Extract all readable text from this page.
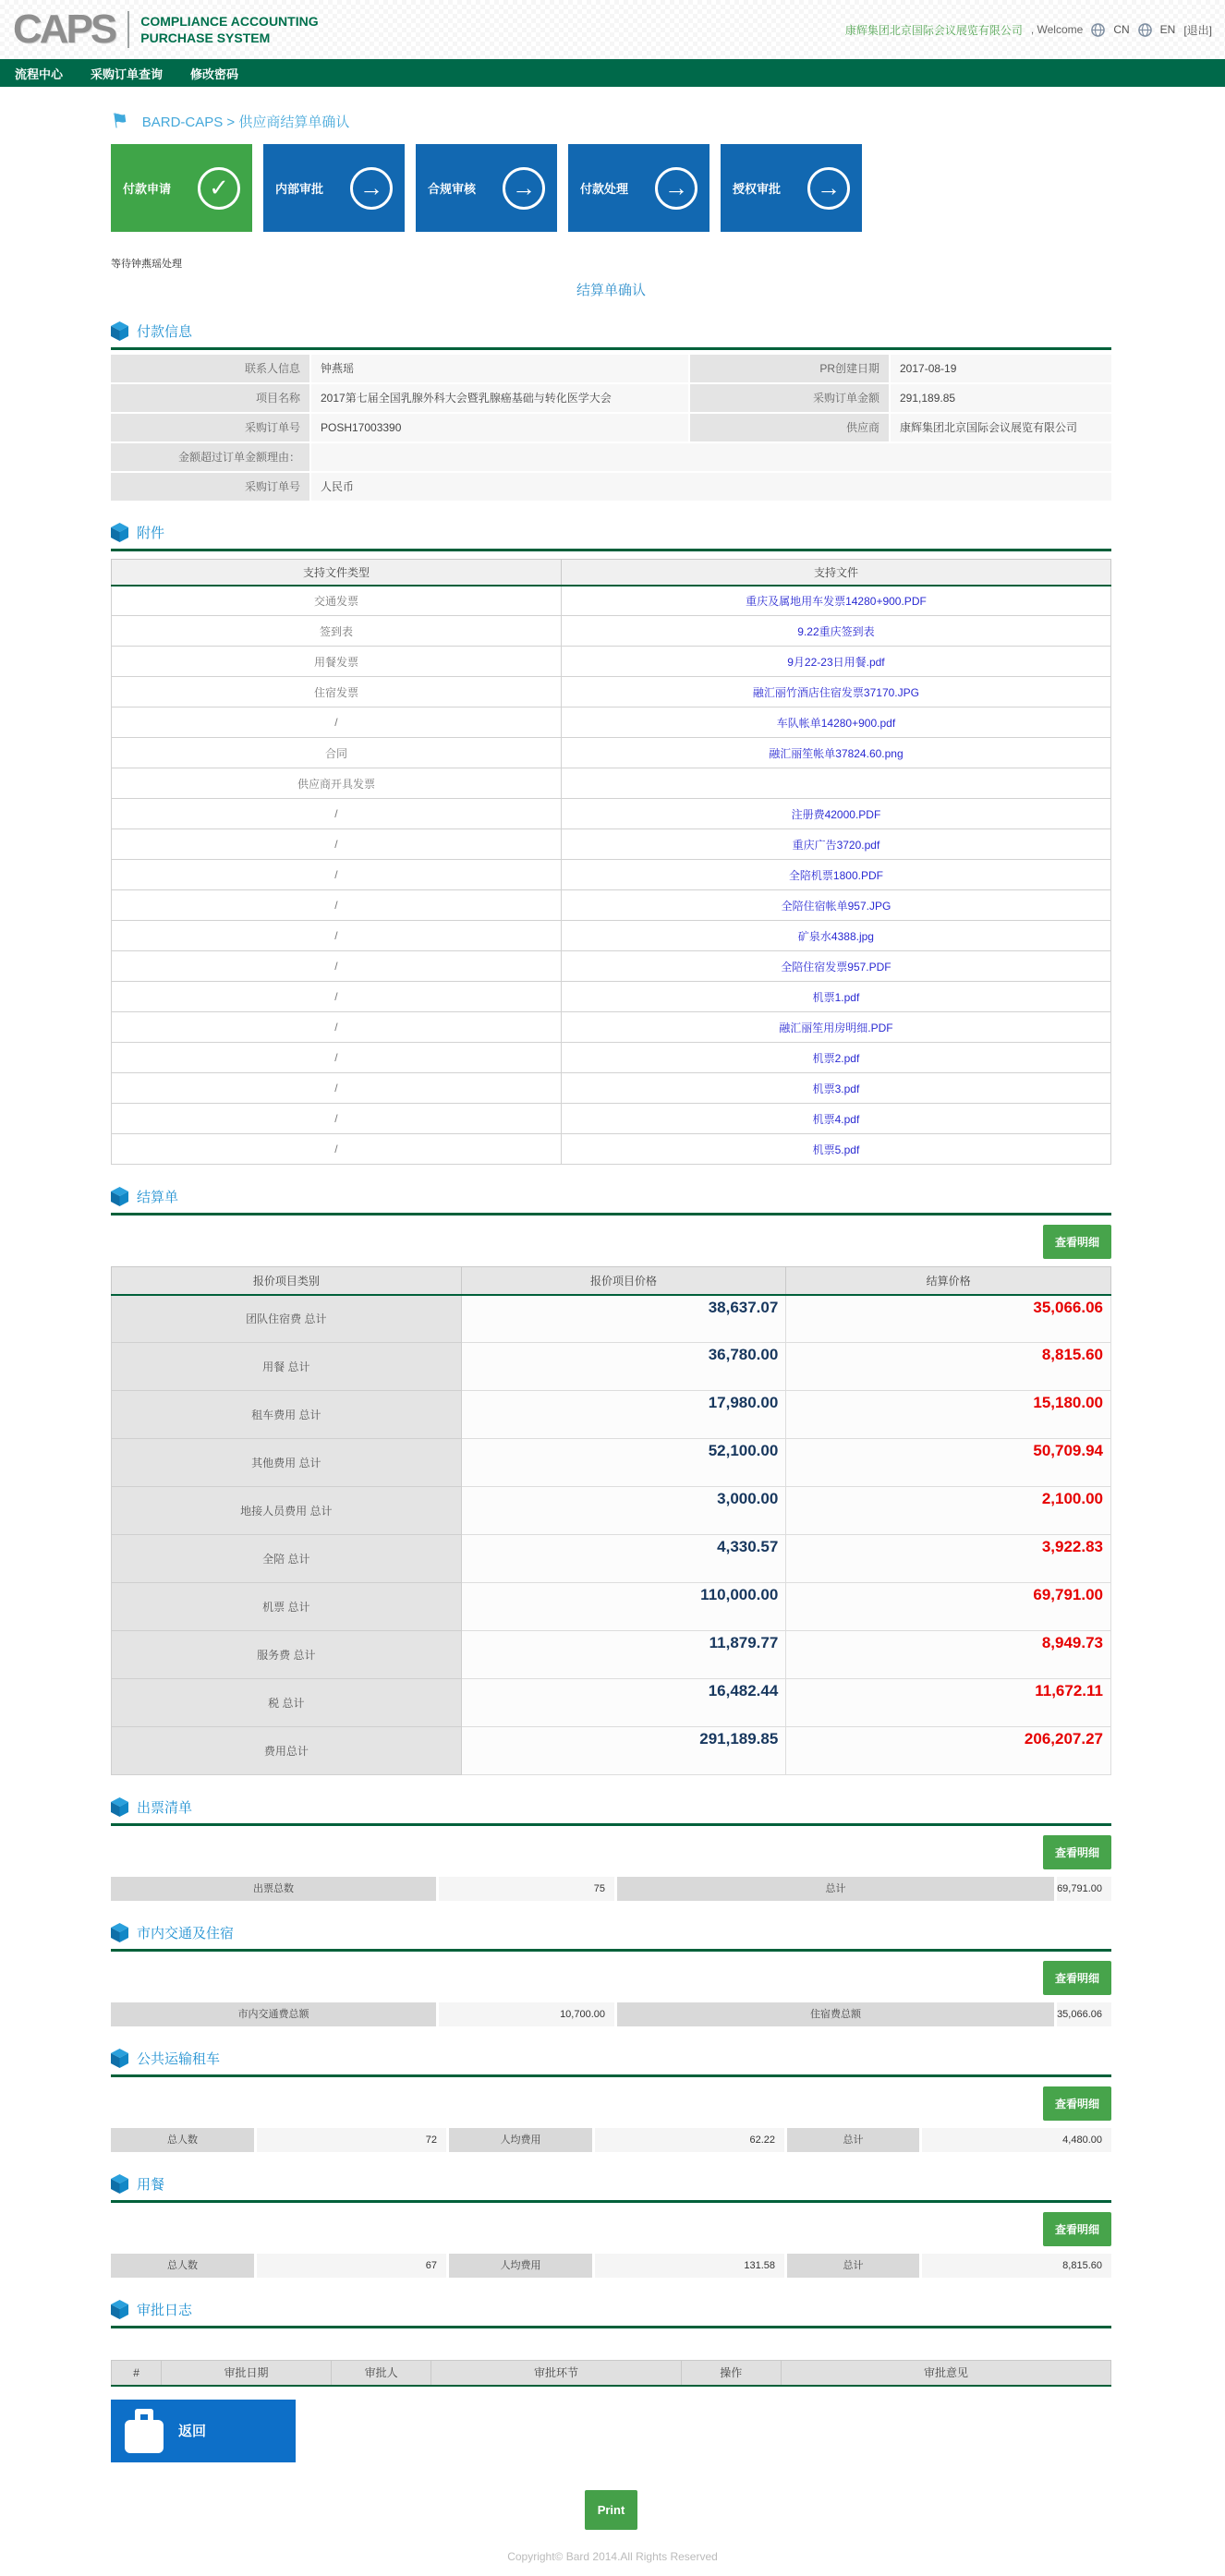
CAPS COMPLIANCE ACCOUNTING
PURCHASE SYSTEM
康辉集团北京国际会议展览有限公司 , Welcome	CN	EN [退出]
流程中心 采购订单查询 修改密码
⚑ BARD-CAPS > 供应商结算单确认
付款申请	✓	内部审批	→	合规审核	→	付款处理	→	授权审批	→
等待钟燕瑶处理
结算单确认
付款信息
联系人信息	钟燕瑶	PR创建日期	2017-08-19
项目名称	2017第七届全国乳腺外科大会暨乳腺癌基础与转化医学大会	采购订单金额	291,189.85
采购订单号	POSH17003390	供应商	康辉集团北京国际会议展览有限公司
金额超过订单金额理由：
采购订单号	人民币
附件
支持文件类型	支持文件
交通发票	重庆及属地用车发票14280+900.PDF
签到表	9.22重庆签到表
用餐发票	9月22-23日用餐.pdf
住宿发票	融汇丽竹酒店住宿发票37170.JPG
/	车队帐单14280+900.pdf
合同	融汇丽笙帐单37824.60.png
供应商开具发票	
/	注册费42000.PDF
/	重庆广告3720.pdf
/	全陪机票1800.PDF
/	全陪住宿帐单957.JPG
/	矿泉水4388.jpg
/	全陪住宿发票957.PDF
/	机票1.pdf
/	融汇丽笙用房明细.PDF
/	机票2.pdf
/	机票3.pdf
/	机票4.pdf
/	机票5.pdf
结算单
查看明细
报价项目类别	报价项目价格	结算价格
团队住宿费 总计	38,637.07	35,066.06
用餐 总计	36,780.00	8,815.60
租车费用 总计	17,980.00	15,180.00
其他费用 总计	52,100.00	50,709.94
地接人员费用 总计	3,000.00	2,100.00
全陪 总计	4,330.57	3,922.83
机票 总计	110,000.00	69,791.00
服务费 总计	11,879.77	8,949.73
税 总计	16,482.44	11,672.11
费用总计	291,189.85	206,207.27
出票清单
查看明细
出票总数	75	总计	69,791.00
市内交通及住宿
查看明细
市内交通费总额	10,700.00	住宿费总额	35,066.06
公共运输租车
查看明细
总人数	72	人均费用	62.22	总计	4,480.00
用餐
查看明细
总人数	67	人均费用	131.58	总计	8,815.60
审批日志
#	审批日期	审批人	审批环节	操作	审批意见
返回
Print
Copyright© Bard 2014.All Rights Reserved
